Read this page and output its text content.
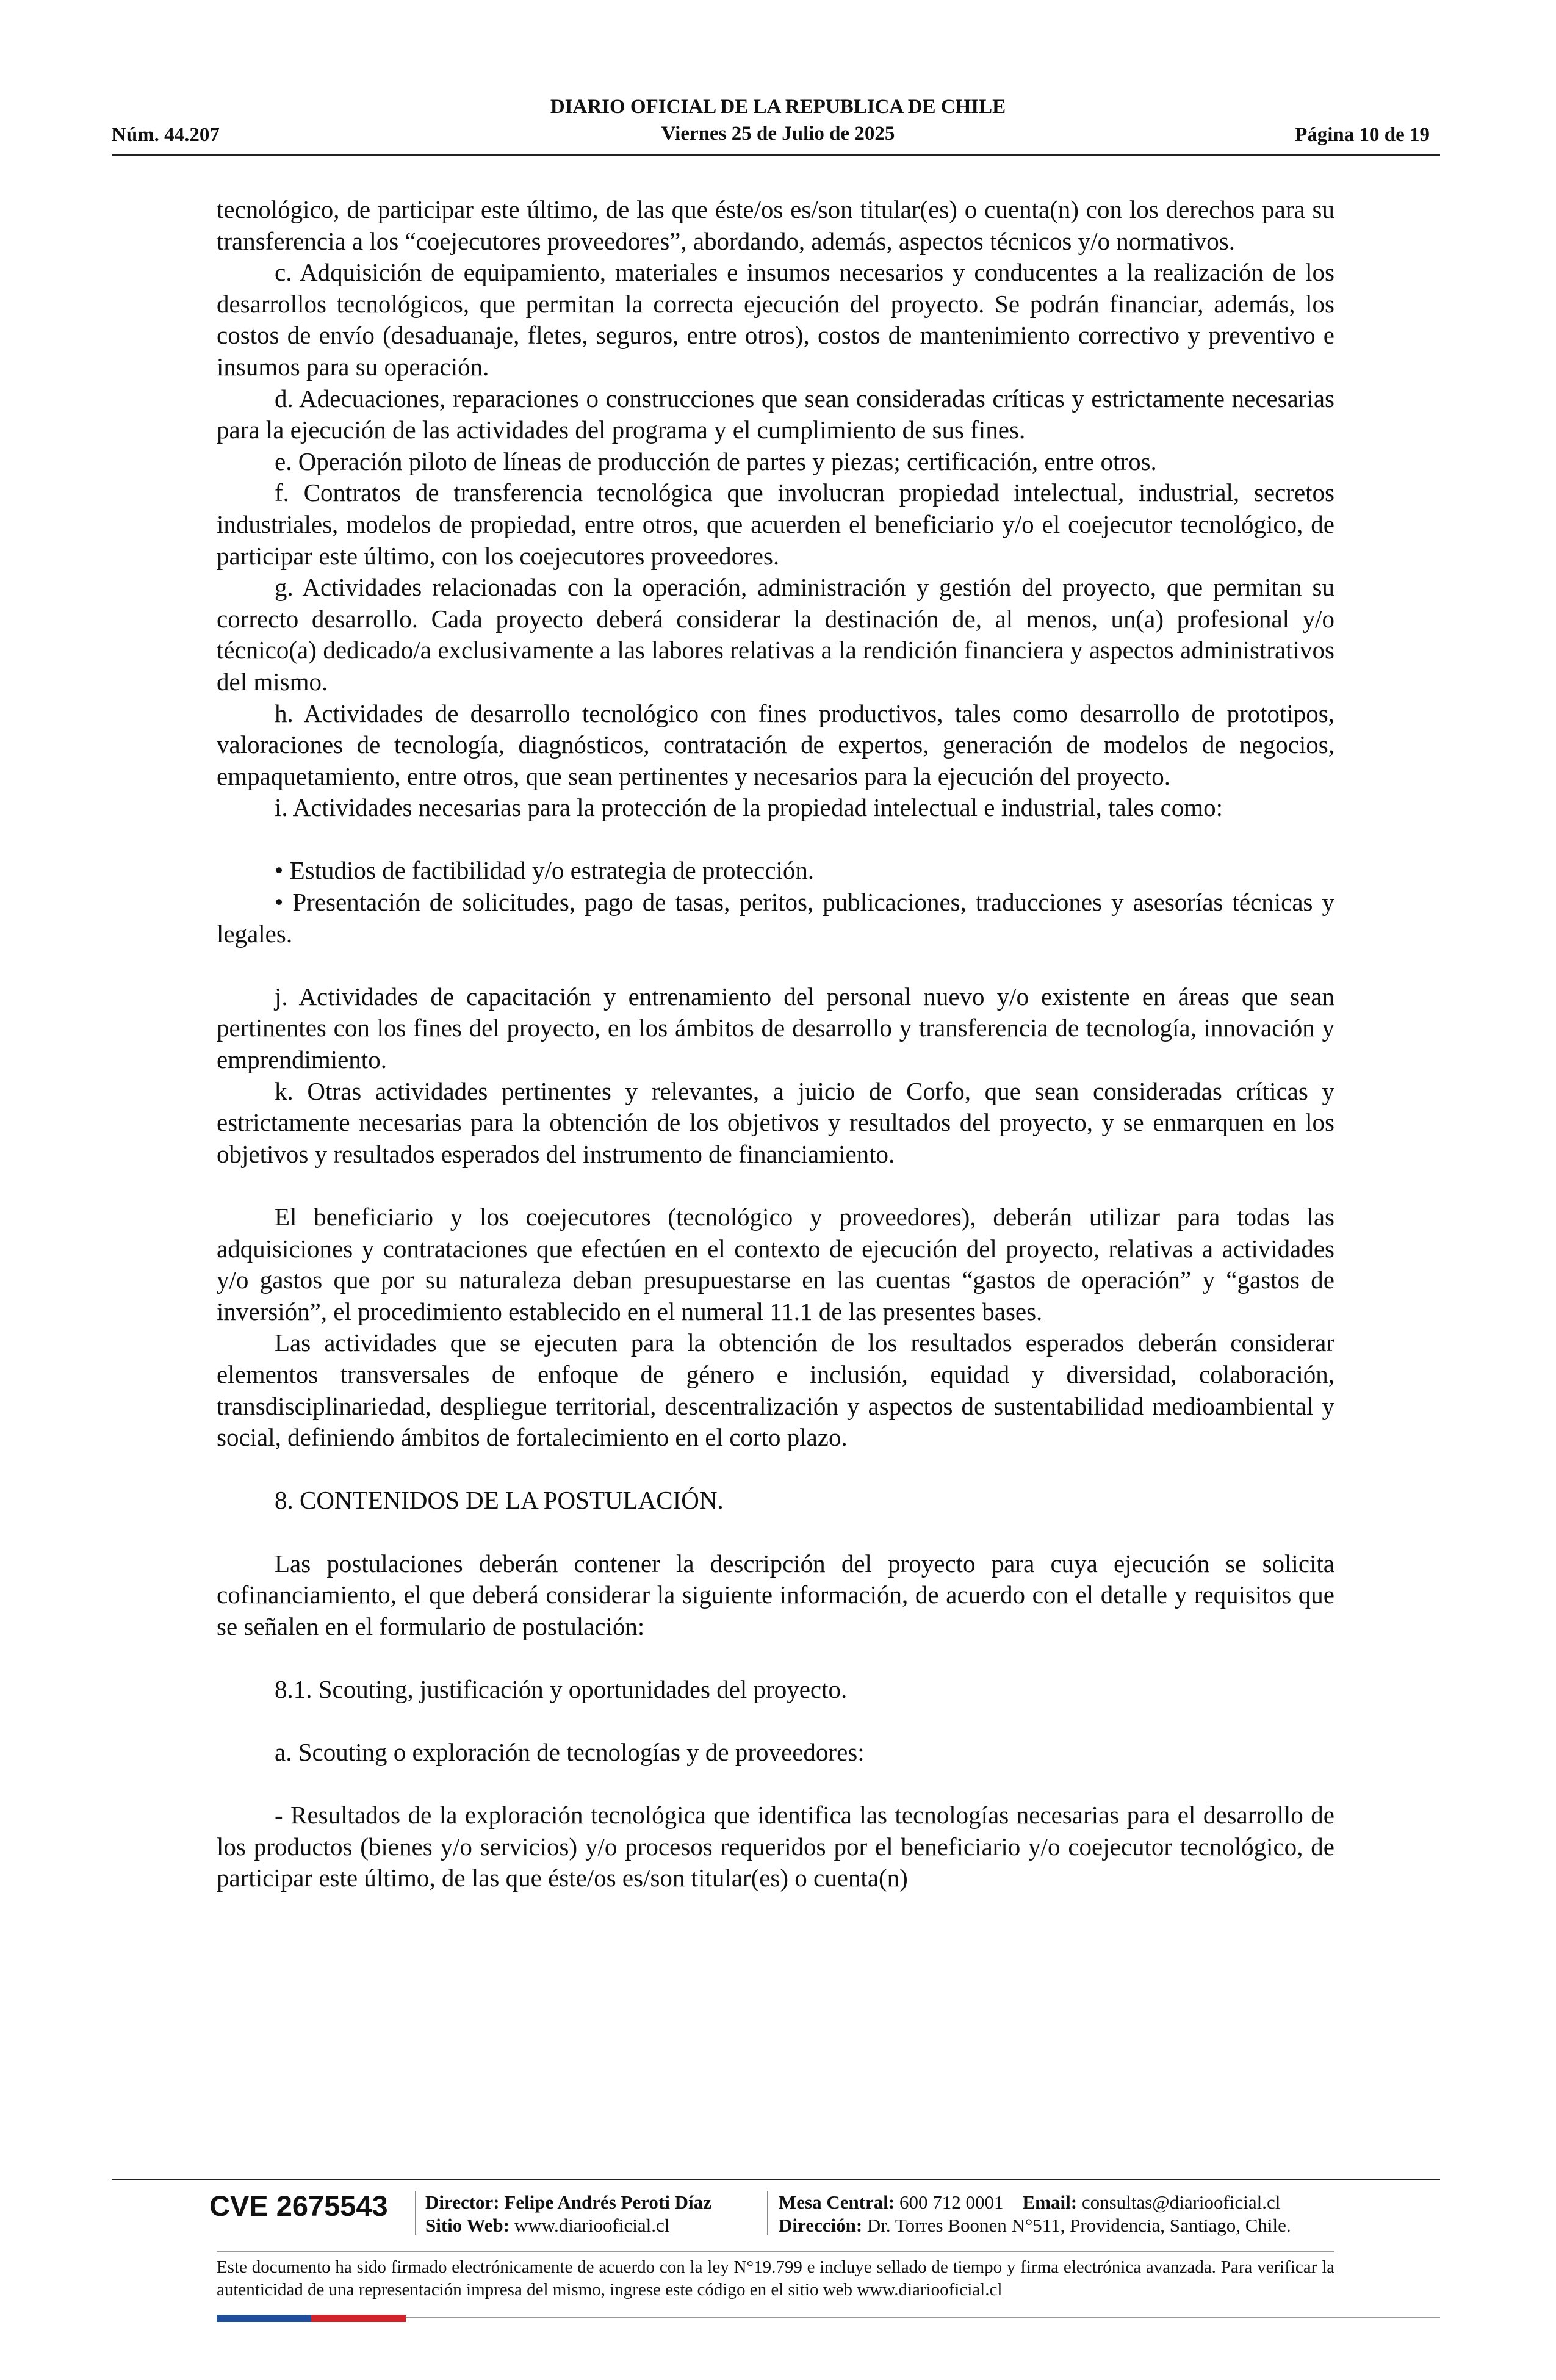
Núm. 44.207
DIARIO OFICIAL DE LA REPUBLICA DE CHILE
Viernes 25 de Julio de 2025	Página 10 de 19

tecnológico, de participar este último, de las que éste/os es/son titular(es) o cuenta(n) con los derechos para su transferencia a los “coejecutores proveedores”, abordando, además, aspectos técnicos y/o normativos.

c. Adquisición de equipamiento, materiales e insumos necesarios y conducentes a la realización de los desarrollos tecnológicos, que permitan la correcta ejecución del proyecto. Se podrán financiar, además, los costos de envío (desaduanaje, fletes, seguros, entre otros), costos de mantenimiento correctivo y preventivo e insumos para su operación.

d. Adecuaciones, reparaciones o construcciones que sean consideradas críticas y estrictamente necesarias para la ejecución de las actividades del programa y el cumplimiento de sus fines.

e. Operación piloto de líneas de producción de partes y piezas; certificación, entre otros.

f. Contratos de transferencia tecnológica que involucran propiedad intelectual, industrial, secretos industriales, modelos de propiedad, entre otros, que acuerden el beneficiario y/o el coejecutor tecnológico, de participar este último, con los coejecutores proveedores.

g. Actividades relacionadas con la operación, administración y gestión del proyecto, que permitan su correcto desarrollo. Cada proyecto deberá considerar la destinación de, al menos, un(a) profesional y/o técnico(a) dedicado/a exclusivamente a las labores relativas a la rendición financiera y aspectos administrativos del mismo.

h. Actividades de desarrollo tecnológico con fines productivos, tales como desarrollo de prototipos, valoraciones de tecnología, diagnósticos, contratación de expertos, generación de modelos de negocios, empaquetamiento, entre otros, que sean pertinentes y necesarios para la ejecución del proyecto.

i. Actividades necesarias para la protección de la propiedad intelectual e industrial, tales como:

• Estudios de factibilidad y/o estrategia de protección.

• Presentación de solicitudes, pago de tasas, peritos, publicaciones, traducciones y asesorías técnicas y legales.

j. Actividades de capacitación y entrenamiento del personal nuevo y/o existente en áreas que sean pertinentes con los fines del proyecto, en los ámbitos de desarrollo y transferencia de tecnología, innovación y emprendimiento.

k. Otras actividades pertinentes y relevantes, a juicio de Corfo, que sean consideradas críticas y estrictamente necesarias para la obtención de los objetivos y resultados del proyecto, y se enmarquen en los objetivos y resultados esperados del instrumento de financiamiento.

El beneficiario y los coejecutores (tecnológico y proveedores), deberán utilizar para todas las adquisiciones y contrataciones que efectúen en el contexto de ejecución del proyecto, relativas a actividades y/o gastos que por su naturaleza deban presupuestarse en las cuentas “gastos de operación” y “gastos de inversión”, el procedimiento establecido en el numeral 11.1 de las presentes bases.

Las actividades que se ejecuten para la obtención de los resultados esperados deberán considerar elementos transversales de enfoque de género e inclusión, equidad y diversidad, colaboración, transdisciplinariedad, despliegue territorial, descentralización y aspectos de sustentabilidad medioambiental y social, definiendo ámbitos de fortalecimiento en el corto plazo.

8. CONTENIDOS DE LA POSTULACIÓN.

Las postulaciones deberán contener la descripción del proyecto para cuya ejecución se solicita cofinanciamiento, el que deberá considerar la siguiente información, de acuerdo con el detalle y requisitos que se señalen en el formulario de postulación:

8.1. Scouting, justificación y oportunidades del proyecto.

a. Scouting o exploración de tecnologías y de proveedores:

- Resultados de la exploración tecnológica que identifica las tecnologías necesarias para el desarrollo de los productos (bienes y/o servicios) y/o procesos requeridos por el beneficiario y/o coejecutor tecnológico, de participar este último, de las que éste/os es/son titular(es) o cuenta(n)

CVE 2675543 Director: Felipe Andrés Peroti Díaz
Sitio Web: www.diariooficial.cl
Mesa Central: 600 712 0001 Email: consultas@diariooficial.cl
Dirección: Dr. Torres Boonen N°511, Providencia, Santiago, Chile.
Este documento ha sido firmado electrónicamente de acuerdo con la ley N°19.799 e incluye sellado de tiempo y firma electrónica avanzada. Para verificar la autenticidad de una representación impresa del mismo, ingrese este código en el sitio web www.diariooficial.cl
